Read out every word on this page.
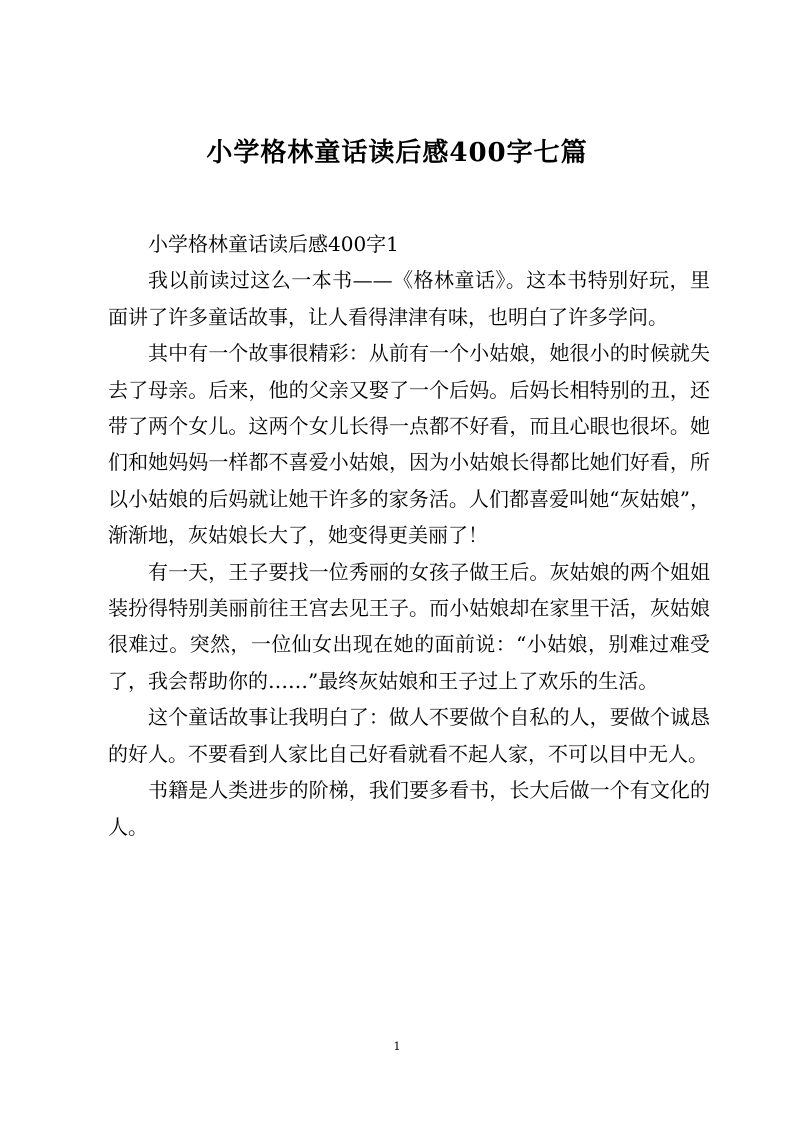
小学格林童话读后感400字七篇

小学格林童话读后感400字1

我以前读过这么一本书——《格林童话》。这本书特别好玩，里面讲了许多童话故事，让人看得津津有味，也明白了许多学问。

其中有一个故事很精彩：从前有一个小姑娘，她很小的时候就失去了母亲。后来，他的父亲又娶了一个后妈。后妈长相特别的丑，还带了两个女儿。这两个女儿长得一点都不好看，而且心眼也很坏。她们和她妈妈一样都不喜爱小姑娘，因为小姑娘长得都比她们好看，所以小姑娘的后妈就让她干许多的家务活。人们都喜爱叫她“灰姑娘”，渐渐地，灰姑娘长大了，她变得更美丽了！

有一天，王子要找一位秀丽的女孩子做王后。灰姑娘的两个姐姐装扮得特别美丽前往王宫去见王子。而小姑娘却在家里干活，灰姑娘很难过。突然，一位仙女出现在她的面前说：“小姑娘，别难过难受了，我会帮助你的……”最终灰姑娘和王子过上了欢乐的生活。

这个童话故事让我明白了：做人不要做个自私的人，要做个诚恳的好人。不要看到人家比自己好看就看不起人家，不可以目中无人。

书籍是人类进步的阶梯，我们要多看书，长大后做一个有文化的人。

1
